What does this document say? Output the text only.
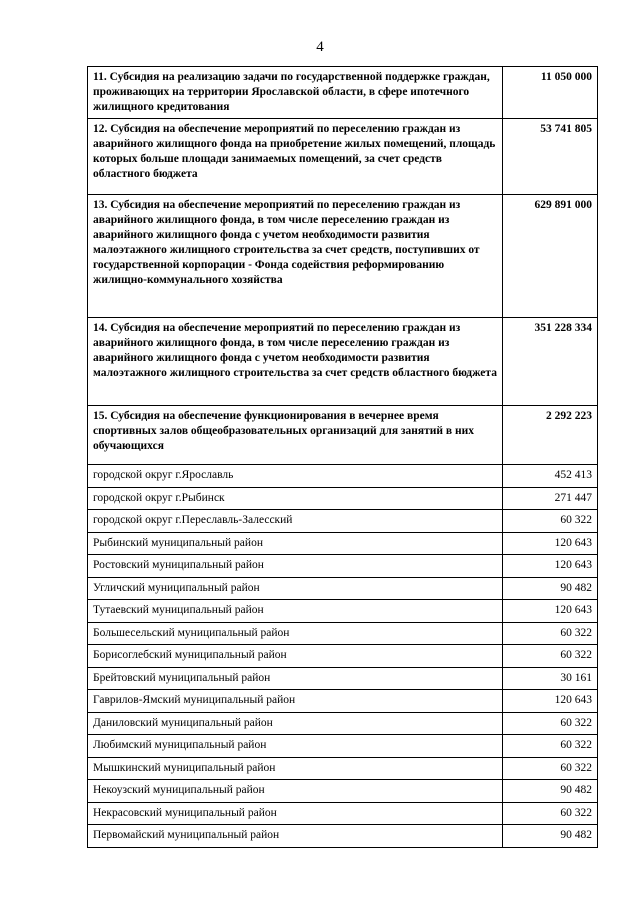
4
11. Субсидия на реализацию задачи по государственной поддержке граждан, проживающих на территории Ярославской области, в сфере ипотечного жилищного кредитования	11 050 000
12. Субсидия на обеспечение мероприятий по переселению граждан из аварийного жилищного фонда на приобретение жилых помещений, площадь которых больше площади занимаемых помещений, за счет средств областного бюджета	53 741 805
13. Субсидия на обеспечение мероприятий по переселению граждан из аварийного жилищного фонда, в том числе переселению граждан из аварийного жилищного фонда с учетом необходимости развития малоэтажного жилищного строительства за счет средств, поступивших от государственной корпорации - Фонда содействия реформированию жилищно-коммунального хозяйства	629 891 000
14. Субсидия на обеспечение мероприятий по переселению граждан из аварийного жилищного фонда, в том числе переселению граждан из аварийного жилищного фонда с учетом необходимости развития малоэтажного жилищного строительства за счет средств областного бюджета	351 228 334
15. Субсидия на обеспечение функционирования в вечернее время спортивных залов общеобразовательных организаций для занятий в них обучающихся	2 292 223
городской округ г.Ярославль	452 413
городской округ г.Рыбинск	271 447
городской округ г.Переславль-Залесский	60 322
Рыбинский муниципальный район	120 643
Ростовский муниципальный район	120 643
Угличский муниципальный район	90 482
Тутаевский муниципальный район	120 643
Большесельский муниципальный район	60 322
Борисоглебский муниципальный район	60 322
Брейтовский муниципальный район	30 161
Гаврилов-Ямский муниципальный район	120 643
Даниловский муниципальный район	60 322
Любимский муниципальный район	60 322
Мышкинский муниципальный район	60 322
Некоузский муниципальный район	90 482
Некрасовский муниципальный район	60 322
Первомайский муниципальный район	90 482
